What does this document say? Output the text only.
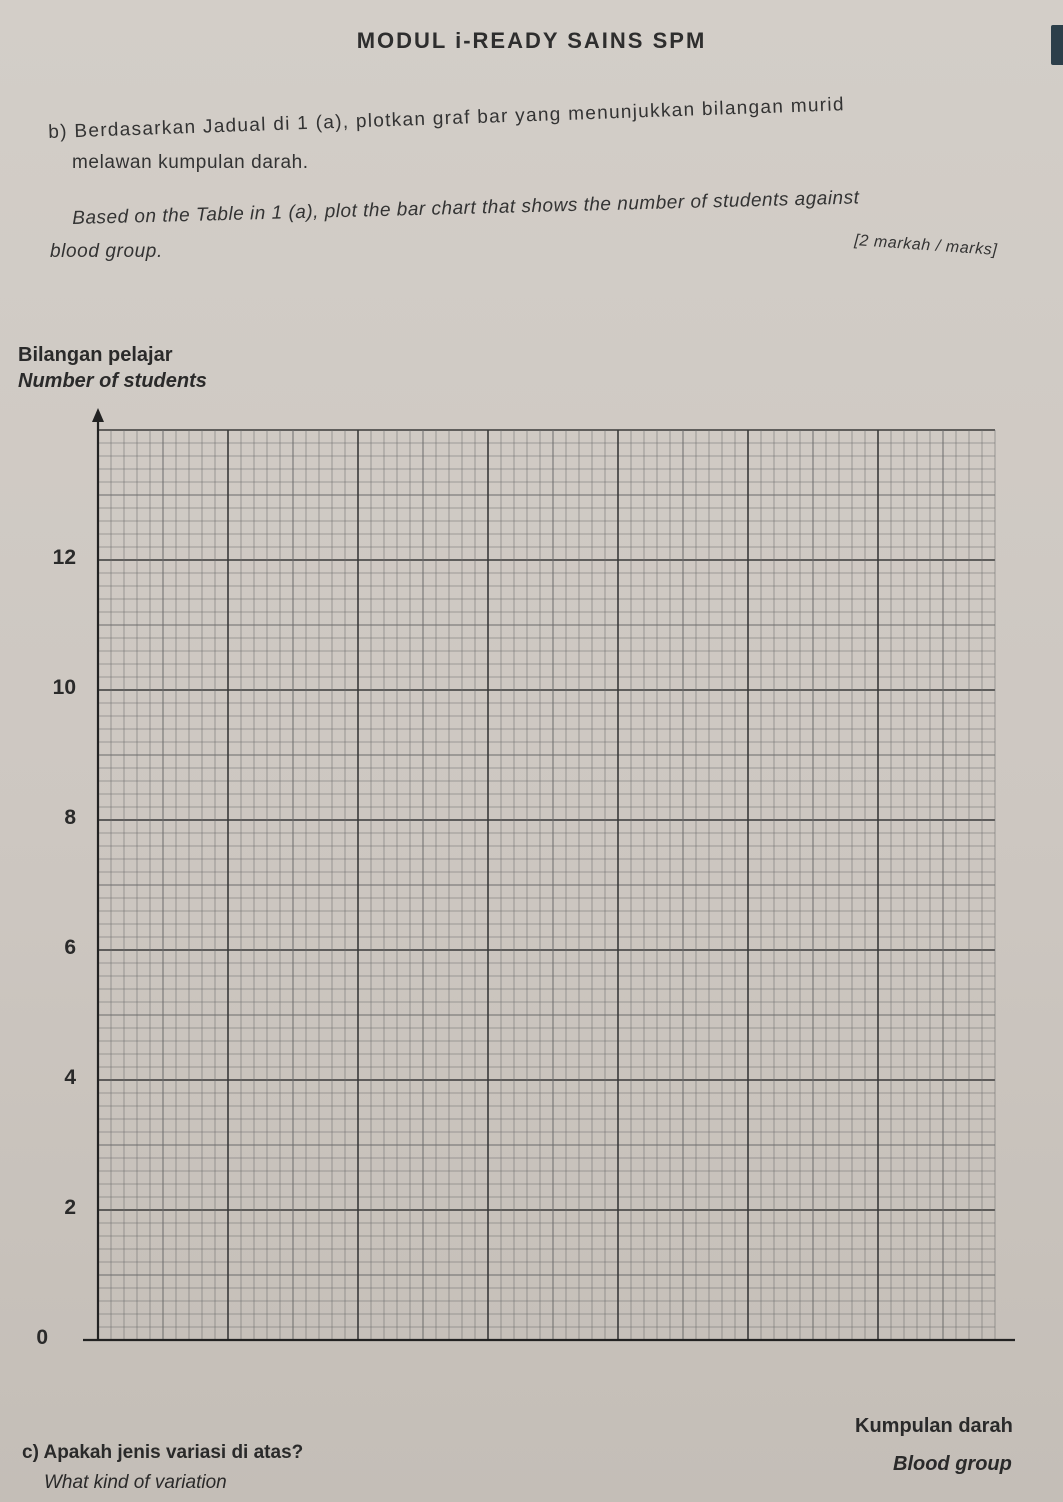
MODUL i-READY SAINS SPM
b) Berdasarkan Jadual di 1 (a), plotkan graf bar yang menunjukkan bilangan murid
melawan kumpulan darah.
Based on the Table in 1 (a), plot the bar chart that shows the number of students against
blood group.	[2 markah / marks]
Bilangan pelajar
Number of students
0
2
4
6
8
10
12
Kumpulan darah
Blood group
c) Apakah jenis variasi di atas?
What kind of variation
